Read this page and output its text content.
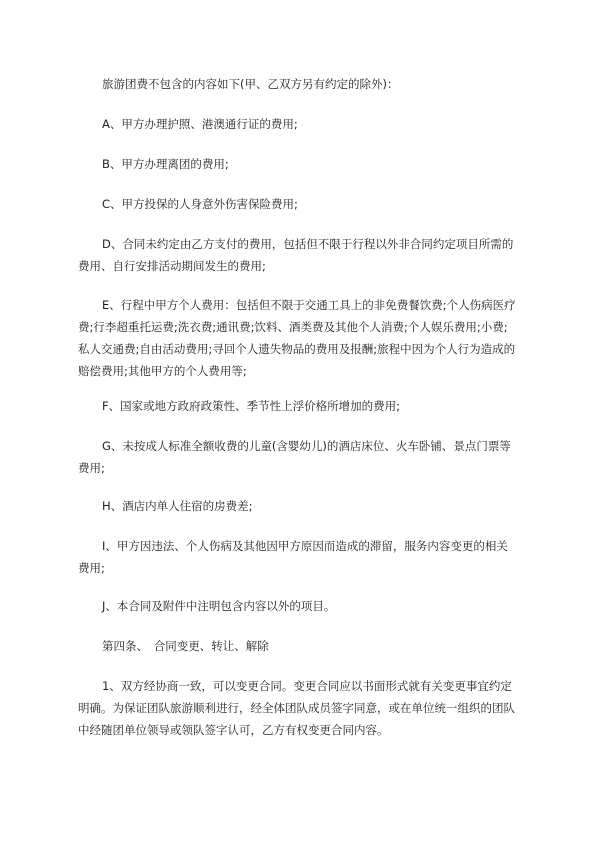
旅游团费不包含的内容如下(甲、乙双方另有约定的除外)：

A、甲方办理护照、港澳通行证的费用;

B、甲方办理离团的费用;

C、甲方投保的人身意外伤害保险费用;

D、合同未约定由乙方支付的费用，包括但不限于行程以外非合同约定项目所需的费用、自行安排活动期间发生的费用;

E、行程中甲方个人费用：包括但不限于交通工具上的非免费餐饮费;个人伤病医疗费;行李超重托运费;洗衣费;通讯费;饮料、酒类费及其他个人消费;个人娱乐费用;小费;私人交通费;自由活动费用;寻回个人遗失物品的费用及报酬;旅程中因为个人行为造成的赔偿费用;其他甲方的个人费用等;

F、国家或地方政府政策性、季节性上浮价格所增加的费用;

G、未按成人标准全额收费的儿童(含婴幼儿)的酒店床位、火车卧铺、景点门票等费用;

H、酒店内单人住宿的房费差;

I、甲方因违法、个人伤病及其他因甲方原因而造成的滞留，服务内容变更的相关费用;

J、本合同及附件中注明包含内容以外的项目。

第四条、　合同变更、转让、解除

1、双方经协商一致，可以变更合同。变更合同应以书面形式就有关变更事宜约定明确。为保证团队旅游顺利进行，经全体团队成员签字同意，或在单位统一组织的团队中经随团单位领导或领队签字认可，乙方有权变更合同内容。
